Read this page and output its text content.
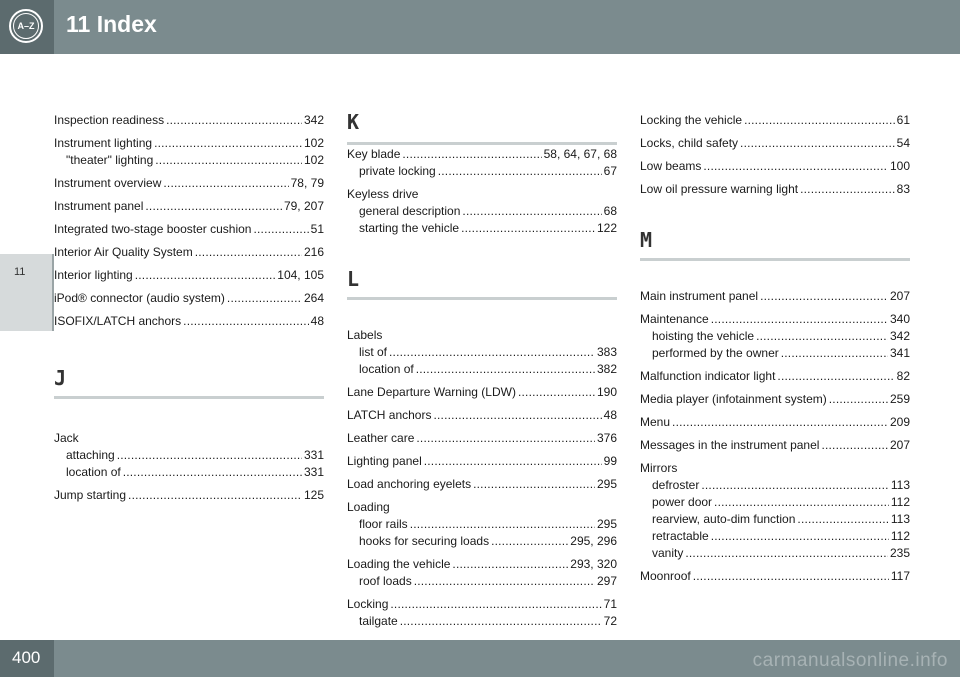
A–Z 11 Index
11
Inspection readiness .....	342
Instrument lighting .....	102
"theater" lighting .....	102
Instrument overview .....	78, 79
Instrument panel .....	79, 207
Integrated two-stage booster cushion .....	51
Interior Air Quality System .....	216
Interior lighting .....	104, 105
iPod® connector (audio system) .....	264
ISOFIX/LATCH anchors .....	48
J
Jack
attaching .....	331
location of .....	331
Jump starting .....	125
K
Key blade .....	58, 64, 67, 68
private locking .....	67
Keyless drive
general description .....	68
starting the vehicle .....	122
L
Labels
list of .....	383
location of .....	382
Lane Departure Warning (LDW) .....	190
LATCH anchors .....	48
Leather care .....	376
Lighting panel .....	99
Load anchoring eyelets .....	295
Loading
floor rails .....	295
hooks for securing loads .....	295, 296
Loading the vehicle .....	293, 320
roof loads .....	297
Locking .....	71
tailgate .....	72
Locking the vehicle .....	61
Locks, child safety .....	54
Low beams .....	100
Low oil pressure warning light .....	83
M
Main instrument panel .....	207
Maintenance .....	340
hoisting the vehicle .....	342
performed by the owner .....	341
Malfunction indicator light .....	82
Media player (infotainment system) .....	259
Menu .....	209
Messages in the instrument panel .....	207
Mirrors
defroster .....	113
power door .....	112
rearview, auto-dim function .....	113
retractable .....	112
vanity .....	235
Moonroof .....	117
400	carmanualsonline.info
